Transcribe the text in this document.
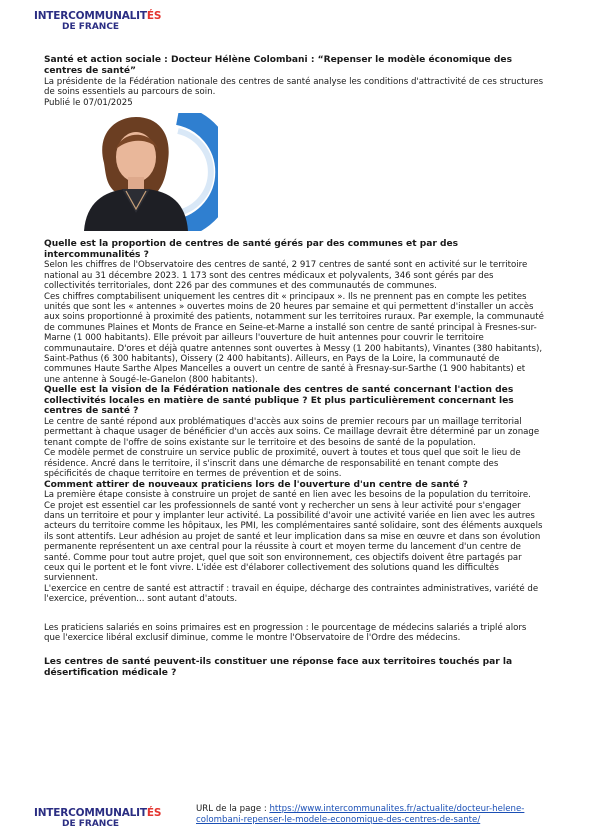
INTERCOMMUNALITÉS
DE FRANCE

Santé et action sociale : Docteur Hélène Colombani : “Repenser le modèle économique des centres de santé”

La présidente de la Fédération nationale des centres de santé analyse les conditions d'attractivité de ces structures de soins essentiels au parcours de soin.

Publié le 07/01/2025

Quelle est la proportion de centres de santé gérés par des communes et par des intercommunalités ?

Selon les chiffres de l'Observatoire des centres de santé, 2 917 centres de santé sont en activité sur le territoire national au 31 décembre 2023. 1 173 sont des centres médicaux et polyvalents, 346 sont gérés par des collectivités territoriales, dont 226 par des communes et des communautés de communes.

Ces chiffres comptabilisent uniquement les centres dit « principaux ». Ils ne prennent pas en compte les petites unités que sont les « antennes » ouvertes moins de 20 heures par semaine et qui permettent d'installer un accès aux soins proportionné à proximité des patients, notamment sur les territoires ruraux. Par exemple, la communauté de communes Plaines et Monts de France en Seine-et-Marne a installé son centre de santé principal à Fresnes-sur-Marne (1 000 habitants). Elle prévoit par ailleurs l'ouverture de huit antennes pour couvrir le territoire communautaire. D'ores et déjà quatre antennes sont ouvertes à Messy (1 200 habitants), Vinantes (380 habitants), Saint-Pathus (6 300 habitants), Oissery (2 400 habitants). Ailleurs, en Pays de la Loire, la communauté de communes Haute Sarthe Alpes Mancelles a ouvert un centre de santé à Fresnay-sur-Sarthe (1 900 habitants) et une antenne à Sougé-le-Ganelon (800 habitants).

Quelle est la vision de la Fédération nationale des centres de santé concernant l'action des collectivités locales en matière de santé publique ? Et plus particulièrement concernant les centres de santé ?

Le centre de santé répond aux problématiques d'accès aux soins de premier recours par un maillage territorial permettant à chaque usager de bénéficier d'un accès aux soins. Ce maillage devrait être déterminé par un zonage tenant compte de l'offre de soins existante sur le territoire et des besoins de santé de la population.

Ce modèle permet de construire un service public de proximité, ouvert à toutes et tous quel que soit le lieu de résidence. Ancré dans le territoire, il s'inscrit dans une démarche de responsabilité en tenant compte des spécificités de chaque territoire en termes de prévention et de soins.

Comment attirer de nouveaux praticiens lors de l'ouverture d'un centre de santé ?

La première étape consiste à construire un projet de santé en lien avec les besoins de la population du territoire.

Ce projet est essentiel car les professionnels de santé vont y rechercher un sens à leur activité pour s'engager dans un territoire et pour y implanter leur activité. La possibilité d'avoir une activité variée en lien avec les autres acteurs du territoire comme les hôpitaux, les PMI, les complémentaires santé solidaire, sont des éléments auxquels ils sont attentifs. Leur adhésion au projet de santé et leur implication dans sa mise en œuvre et dans son évolution permanente représentent un axe central pour la réussite à court et moyen terme du lancement d'un centre de santé. Comme pour tout autre projet, quel que soit son environnement, ces objectifs doivent être partagés par ceux qui le portent et le font vivre. L'idée est d'élaborer collectivement des solutions quand les difficultés surviennent.

L'exercice en centre de santé est attractif : travail en équipe, décharge des contraintes administratives, variété de l'exercice, prévention... sont autant d'atouts.

Les praticiens salariés en soins primaires est en progression : le pourcentage de médecins salariés a triplé alors que l'exercice libéral exclusif diminue, comme le montre l'Observatoire de l'Ordre des médecins.

Les centres de santé peuvent-ils constituer une réponse face aux territoires touchés par la désertification médicale ?

INTERCOMMUNALITÉS
DE FRANCE
URL de la page : https://www.intercommunalites.fr/actualite/docteur-helene-colombani-repenser-le-modele-economique-des-centres-de-sante/
